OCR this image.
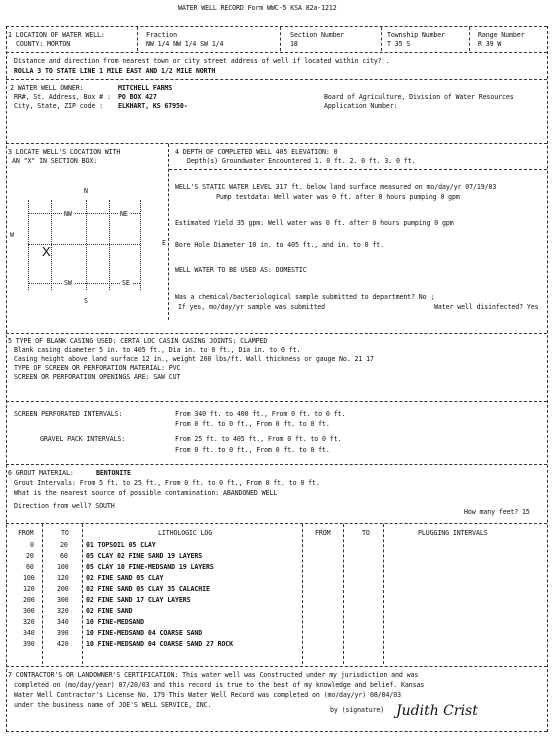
WATER WELL RECORD Form WWC-5 KSA 82a-1212
1 LOCATION OF WATER WELL:
COUNTY: MORTON
Fraction
NW 1/4 NW 1/4 SW 1/4
Section Number
18
Township Number
T 35 S
Range Number
R 39 W
Distance and direction from nearest town or city street address of well if located within city? .
ROLLA 3 TO STATE LINE 1 MILE EAST AND 1/2 MILE NORTH
2 WATER WELL OWNER:	MITCHELL FARMS
RR#, St. Address, Box # : PO BOX 427
City, State, ZIP code : ELKHART, KS 67950-
Board of Agriculture, Division of Water Resources
Application Number:
3 LOCATE WELL'S LOCATION WITH
AN "X" IN SECTION BOX:
N
S
W
E
NW	NE
SW	SE
X
4 DEPTH OF COMPLETED WELL 405 ELEVATION: 0
Depth(s) Groundwater Encountered 1. 0 ft. 2. 0 ft. 3. 0 ft.
WELL'S STATIC WATER LEVEL 317 ft. below land surface measured on mo/day/yr 07/19/03
Pump testdata: Well water was 0 ft. after 0 hours pumping 0 gpm
Estimated Yield 35 gpm: Well water was 0 ft. after 0 hours pumping 0 gpm
Bore Hole Diameter 10 in. to 405 ft., and in. to 0 ft.
WELL WATER TO BE USED AS: DOMESTIC
Was a chemical/bacteriological sample submitted to department? No ;
If yes, mo/day/yr sample was submitted	Water well disinfected? Yes
5 TYPE OF BLANK CASING USED: CERTA LOC CASIN CASING JOINTS: CLAMPED
Blank casing diameter 5 in. to 405 ft., Dia in. to 0 ft., Dia in. to 0 ft.
Casing height above land surface 12 in., weight 200 lbs/ft. Wall thickness or gauge No. 21 17
TYPE OF SCREEN OR PERFORATION MATERIAL: PVC
SCREEN OR PERFORATION OPENINGS ARE: SAW CUT
SCREEN PERFORATED INTERVALS:	From 340 ft. to 400 ft., From 0 ft. to 0 ft.
From 0 ft. to 0 ft., From 0 ft. to 0 ft.
GRAVEL PACK INTERVALS:	From 25 ft. to 405 ft., From 0 ft. to 0 ft.
From 0 ft. to 0 ft., From 0 ft. to 0 ft.
6 GROUT MATERIAL:	BENTONITE
Grout Intervals: From 5 ft. to 25 ft., From 0 ft. to 0 ft., From 0 ft. to 0 ft.
What is the nearest source of possible contamination: ABANDONED WELL
Direction from well? SOUTH
How many feet? 15
FROM	TO	LITHOLOGIC LOG	FROM	TO	PLUGGING INTERVALS
0	20	01 TOPSOIL 05 CLAY
20	60	05 CLAY 02 FINE SAND 19 LAYERS
60	100	05 CLAY 10 FINE-MEDSAND 19 LAYERS
100	120	02 FINE SAND 05 CLAY
120	200	02 FINE SAND 05 CLAY 35 CALACHIE
200	300	02 FINE SAND 17 CLAY LAYERS
300	320	02 FINE SAND
320	340	10 FINE-MEDSAND
340	390	10 FINE-MEDSAND 04 COARSE SAND
390	420	10 FINE-MEDSAND 04 COARSE SAND 27 ROCK
7 CONTRACTOR'S OR LANDOWNER'S CERTIFICATION: This water well was Constructed under my jurisdiction and was
completed on (mo/day/year) 07/20/03 and this record is true to the best of my knowledge and belief. Kansas
Water Well Contractor's License No. 179 This Water Well Record was completed on (mo/day/yr) 08/04/03
under the business name of JOE'S WELL SERVICE, INC.
by (signature) Judith Crist
